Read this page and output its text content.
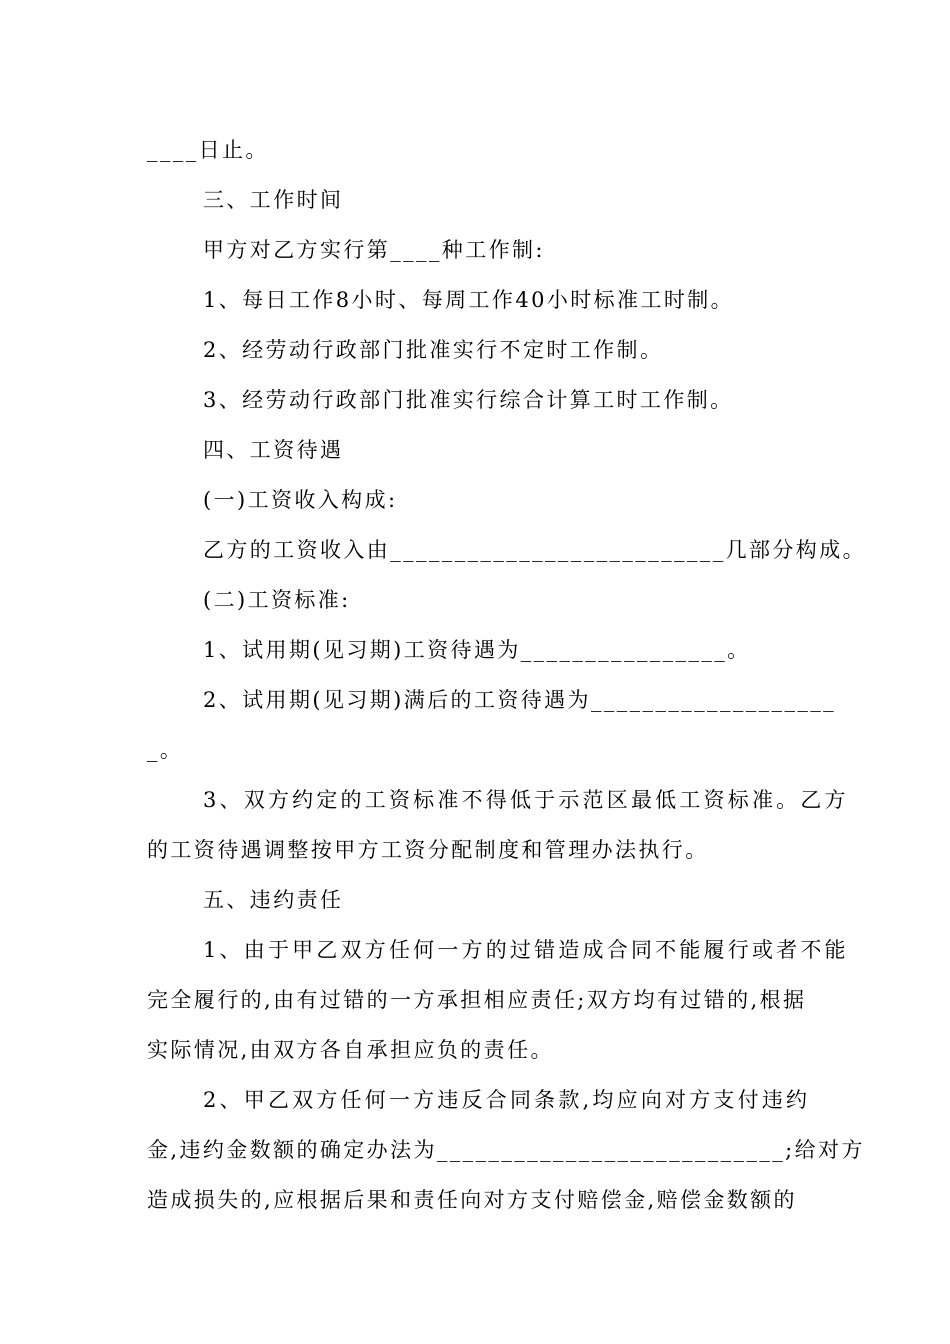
____日止。
三、工作时间
甲方对乙方实行第____种工作制:
1、每日工作8小时、每周工作40小时标准工时制。
2、经劳动行政部门批准实行不定时工作制。
3、经劳动行政部门批准实行综合计算工时工作制。
四、工资待遇
(一)工资收入构成:
乙方的工资收入由__________________________几部分构成。
(二)工资标准:
1、试用期(见习期)工资待遇为________________。
2、试用期(见习期)满后的工资待遇为___________________
_。
3、双方约定的工资标准不得低于示范区最低工资标准。乙方
的工资待遇调整按甲方工资分配制度和管理办法执行。
五、违约责任
1、由于甲乙双方任何一方的过错造成合同不能履行或者不能
完全履行的,由有过错的一方承担相应责任;双方均有过错的,根据
实际情况,由双方各自承担应负的责任。
2、甲乙双方任何一方违反合同条款,均应向对方支付违约
金,违约金数额的确定办法为___________________________;给对方
造成损失的,应根据后果和责任向对方支付赔偿金,赔偿金数额的
